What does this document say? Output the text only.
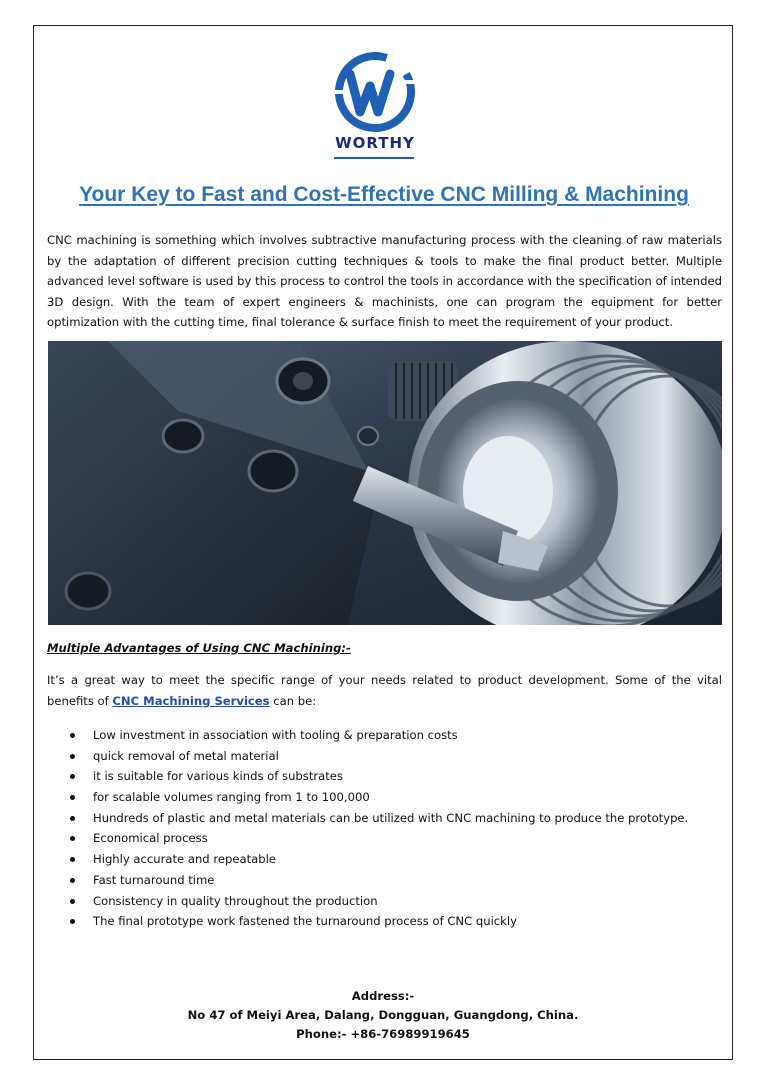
WORTHY
Your Key to Fast and Cost-Effective CNC Milling & Machining

CNC machining is something which involves subtractive manufacturing process with the cleaning of raw materials by the adaptation of different precision cutting techniques & tools to make the final product better. Multiple advanced level software is used by this process to control the tools in accordance with the specification of intended 3D design. With the team of expert engineers & machinists, one can program the equipment for better optimization with the cutting time, final tolerance & surface finish to meet the requirement of your product.

Multiple Advantages of Using CNC Machining:-

It’s a great way to meet the specific range of your needs related to product development. Some of the vital benefits of CNC Machining Services can be:

Low investment in association with tooling & preparation costs
quick removal of metal material
it is suitable for various kinds of substrates
for scalable volumes ranging from 1 to 100,000
Hundreds of plastic and metal materials can be utilized with CNC machining to produce the prototype.
Economical process
Highly accurate and repeatable
Fast turnaround time
Consistency in quality throughout the production
The final prototype work fastened the turnaround process of CNC quickly
Address:-
No 47 of Meiyi Area, Dalang, Dongguan, Guangdong, China.
Phone:- +86-76989919645
